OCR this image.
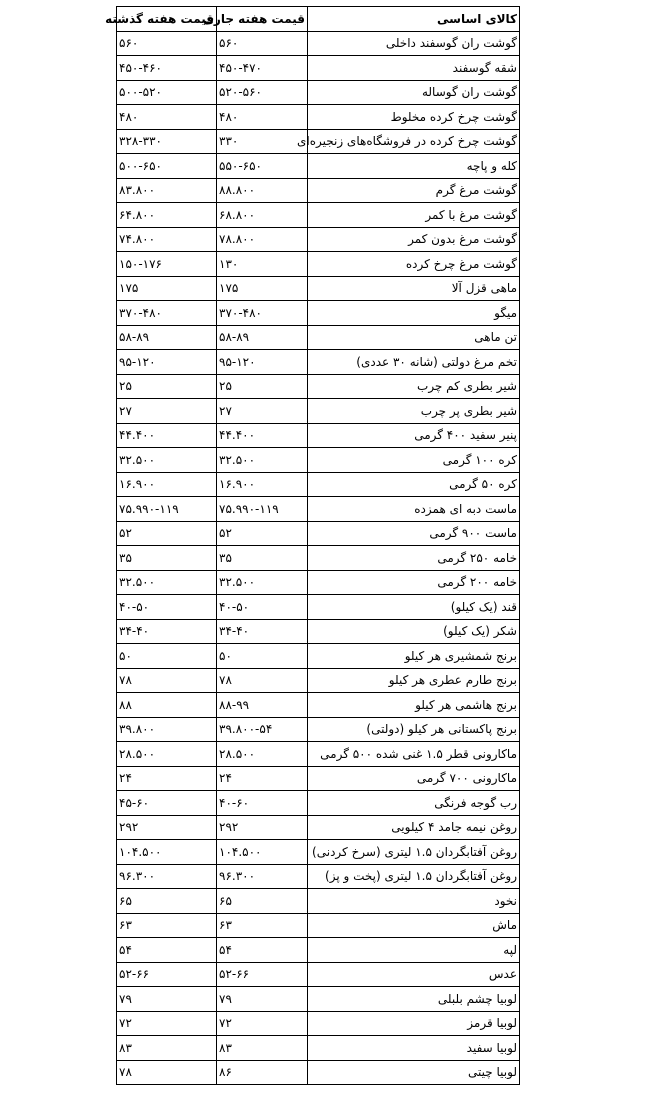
کالای اساسی	قیمت هفته جاری	قیمت هفته گذشته
گوشت ران گوسفند داخلی	۵۶۰	۵۶۰
شقه گوسفند	۴۵۰-۴۷۰	۴۵۰-۴۶۰
گوشت ران گوساله	۵۲۰-۵۶۰	۵۰۰-۵۲۰
گوشت چرخ کرده مخلوط	۴۸۰	۴۸۰
گوشت چرخ کرده در فروشگاه‌های زنجیره‌ای	۳۳۰	۳۲۸-۳۳۰
کله و پاچه	۵۵۰-۶۵۰	۵۰۰-۶۵۰
گوشت مرغ گرم	۸۸.۸۰۰	۸۳.۸۰۰
گوشت مرغ با کمر	۶۸.۸۰۰	۶۴.۸۰۰
گوشت مرغ بدون کمر	۷۸.۸۰۰	۷۴.۸۰۰
گوشت مرغ چرخ کرده	۱۳۰	۱۵۰-۱۷۶
ماهی قزل آلا	۱۷۵	۱۷۵
میگو	۳۷۰-۴۸۰	۳۷۰-۴۸۰
تن ماهی	۵۸-۸۹	۵۸-۸۹
تخم مرغ دولتی (شانه ۳۰ عددی)	۹۵-۱۲۰	۹۵-۱۲۰
شیر بطری کم چرب	۲۵	۲۵
شیر بطری پر چرب	۲۷	۲۷
پنیر سفید ۴۰۰ گرمی	۴۴.۴۰۰	۴۴.۴۰۰
کره ۱۰۰ گرمی	۳۲.۵۰۰	۳۲.۵۰۰
کره ۵۰ گرمی	۱۶.۹۰۰	۱۶.۹۰۰
ماست دبه ای همزده	۷۵.۹۹۰-۱۱۹	۷۵.۹۹۰-۱۱۹
ماست ۹۰۰ گرمی	۵۲	۵۲
خامه ۲۵۰ گرمی	۳۵	۳۵
خامه ۲۰۰ گرمی	۳۲.۵۰۰	۳۲.۵۰۰
قند (یک کیلو)	۴۰-۵۰	۴۰-۵۰
شکر (یک کیلو)	۳۴-۴۰	۳۴-۴۰
برنج شمشیری هر کیلو	۵۰	۵۰
برنج طارم عطری هر کیلو	۷۸	۷۸
برنج هاشمی هر کیلو	۸۸-۹۹	۸۸
برنج پاکستانی هر کیلو (دولتی)	۳۹.۸۰۰-۵۴	۳۹.۸۰۰
ماکارونی قطر ۱.۵ غنی شده ۵۰۰ گرمی	۲۸.۵۰۰	۲۸.۵۰۰
ماکارونی ۷۰۰ گرمی	۲۴	۲۴
رب گوجه فرنگی	۴۰-۶۰	۴۵-۶۰
روغن نیمه جامد ۴ کیلویی	۲۹۲	۲۹۲
روغن آفتابگردان ۱.۵ لیتری (سرخ کردنی)	۱۰۴.۵۰۰	۱۰۴.۵۰۰
روغن آفتابگردان ۱.۵ لیتری (پخت و پز)	۹۶.۳۰۰	۹۶.۳۰۰
نخود	۶۵	۶۵
ماش	۶۳	۶۳
لپه	۵۴	۵۴
عدس	۵۲-۶۶	۵۲-۶۶
لوبیا چشم بلبلی	۷۹	۷۹
لوبیا قرمز	۷۲	۷۲
لوبیا سفید	۸۳	۸۳
لوبیا چیتی	۸۶	۷۸
